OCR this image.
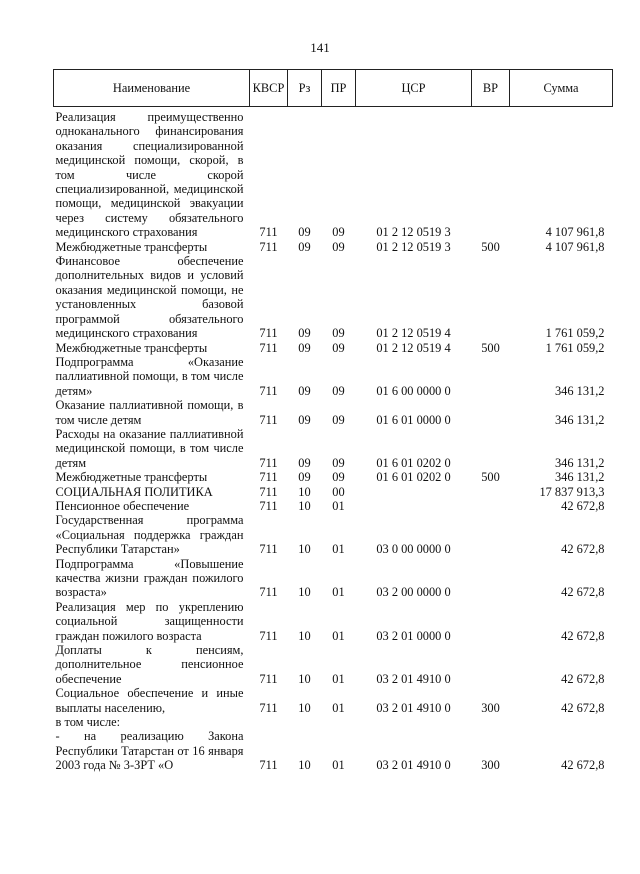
141
Наименование	КВСР	Рз	ПР	ЦСР	ВР	Сумма
Реализация преимущественно одноканального финансирования оказания специализированной медицинской помощи, скорой, в том числе скорой специализированной, медицинской помощи, медицинской эвакуации через систему обязательного медицинского страхования	711	09	09	01 2 12 0519 3		4 107 961,8
Межбюджетные трансферты	711	09	09	01 2 12 0519 3	500	4 107 961,8
Финансовое обеспечение дополнительных видов и условий оказания медицинской помощи, не установленных базовой программой обязательного медицинского страхования	711	09	09	01 2 12 0519 4		1 761 059,2
Межбюджетные трансферты	711	09	09	01 2 12 0519 4	500	1 761 059,2
Подпрограмма «Оказание паллиативной помощи, в том числе детям»	711	09	09	01 6 00 0000 0		346 131,2
Оказание паллиативной помощи, в том числе детям	711	09	09	01 6 01 0000 0		346 131,2
Расходы на оказание паллиативной медицинской помощи, в том числе детям	711	09	09	01 6 01 0202 0		346 131,2
Межбюджетные трансферты	711	09	09	01 6 01 0202 0	500	346 131,2
СОЦИАЛЬНАЯ ПОЛИТИКА	711	10	00			17 837 913,3
Пенсионное обеспечение	711	10	01			42 672,8
Государственная программа «Социальная поддержка граждан Республики Татарстан»	711	10	01	03 0 00 0000 0		42 672,8
Подпрограмма «Повышение качества жизни граждан пожилого возраста»	711	10	01	03 2 00 0000 0		42 672,8
Реализация мер по укреплению социальной защищенности граждан пожилого возраста	711	10	01	03 2 01 0000 0		42 672,8
Доплаты к пенсиям, дополнительное пенсионное обеспечение	711	10	01	03 2 01 4910 0		42 672,8
Социальное обеспечение и иные выплаты населению,	711	10	01	03 2 01 4910 0	300	42 672,8
в том числе:						
- на реализацию Закона Республики Татарстан от 16 января 2003 года № 3-ЗРТ «О	711	10	01	03 2 01 4910 0	300	42 672,8
